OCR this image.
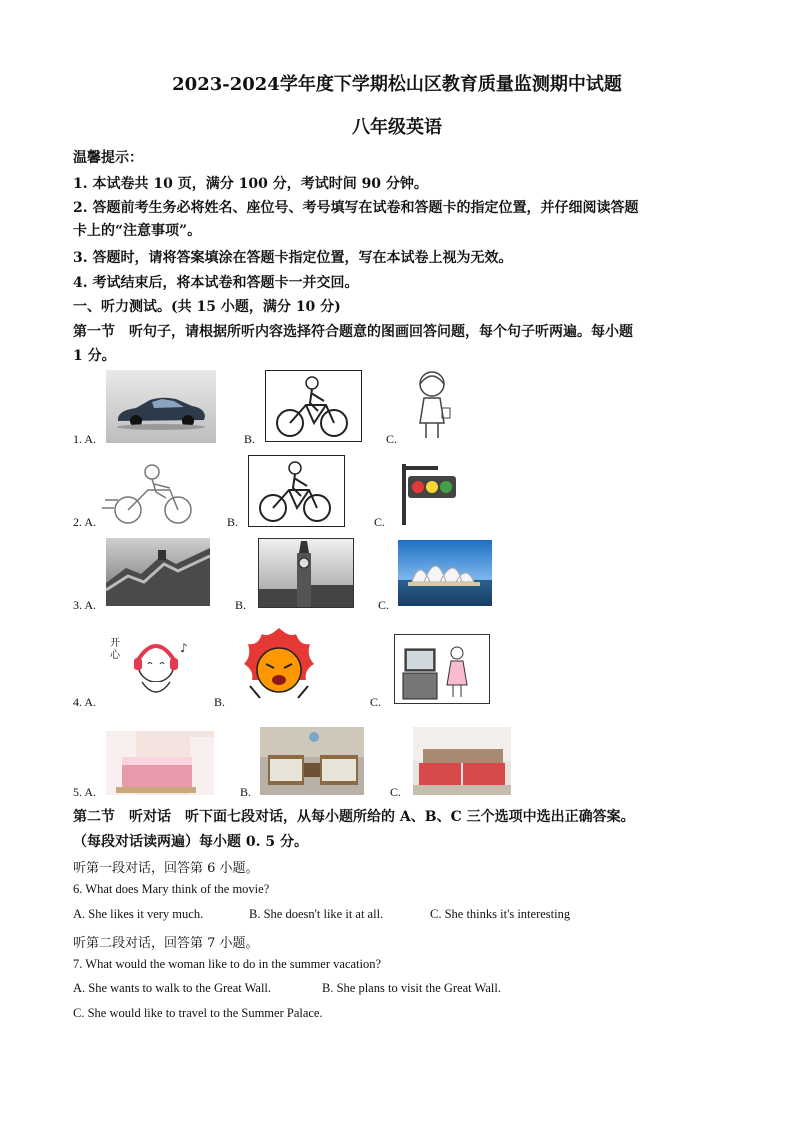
2023-2024学年度下学期松山区教育质量监测期中试题
八年级英语
温馨提示：
1. 本试卷共 10 页，满分 100 分，考试时间 90 分钟。
2. 答题前考生务必将姓名、座位号、考号填写在试卷和答题卡的指定位置，并仔细阅读答题
卡上的“注意事项”。
3. 答题时，请将答案填涂在答题卡指定位置，写在本试卷上视为无效。
4. 考试结束后，将本试卷和答题卡一并交回。
一、听力测试。(共 15 小题，满分 10 分)
第一节　听句子，请根据所听内容选择符合题意的图画回答问题，每个句子听两遍。每小题
1 分。
1. A.	B.	C.
2. A.	B.	C.
3. A.	B.	C.
4. A.
开
心
♪
B.	C.
5. A.	B.	C.
第二节　听对话　听下面七段对话，从每小题所给的 A、B、C 三个选项中选出正确答案。
（每段对话读两遍）每小题 0. 5 分。
听第一段对话，回答第 6 小题。
6. What does Mary think of the movie?
A. She likes it very much.	B. She doesn't like it at all.	C. She thinks it's interesting
听第二段对话，回答第 7 小题。
7. What would the woman like to do in the summer vacation?
A. She wants to walk to the Great Wall.	B. She plans to visit the Great Wall.
C. She would like to travel to the Summer Palace.
